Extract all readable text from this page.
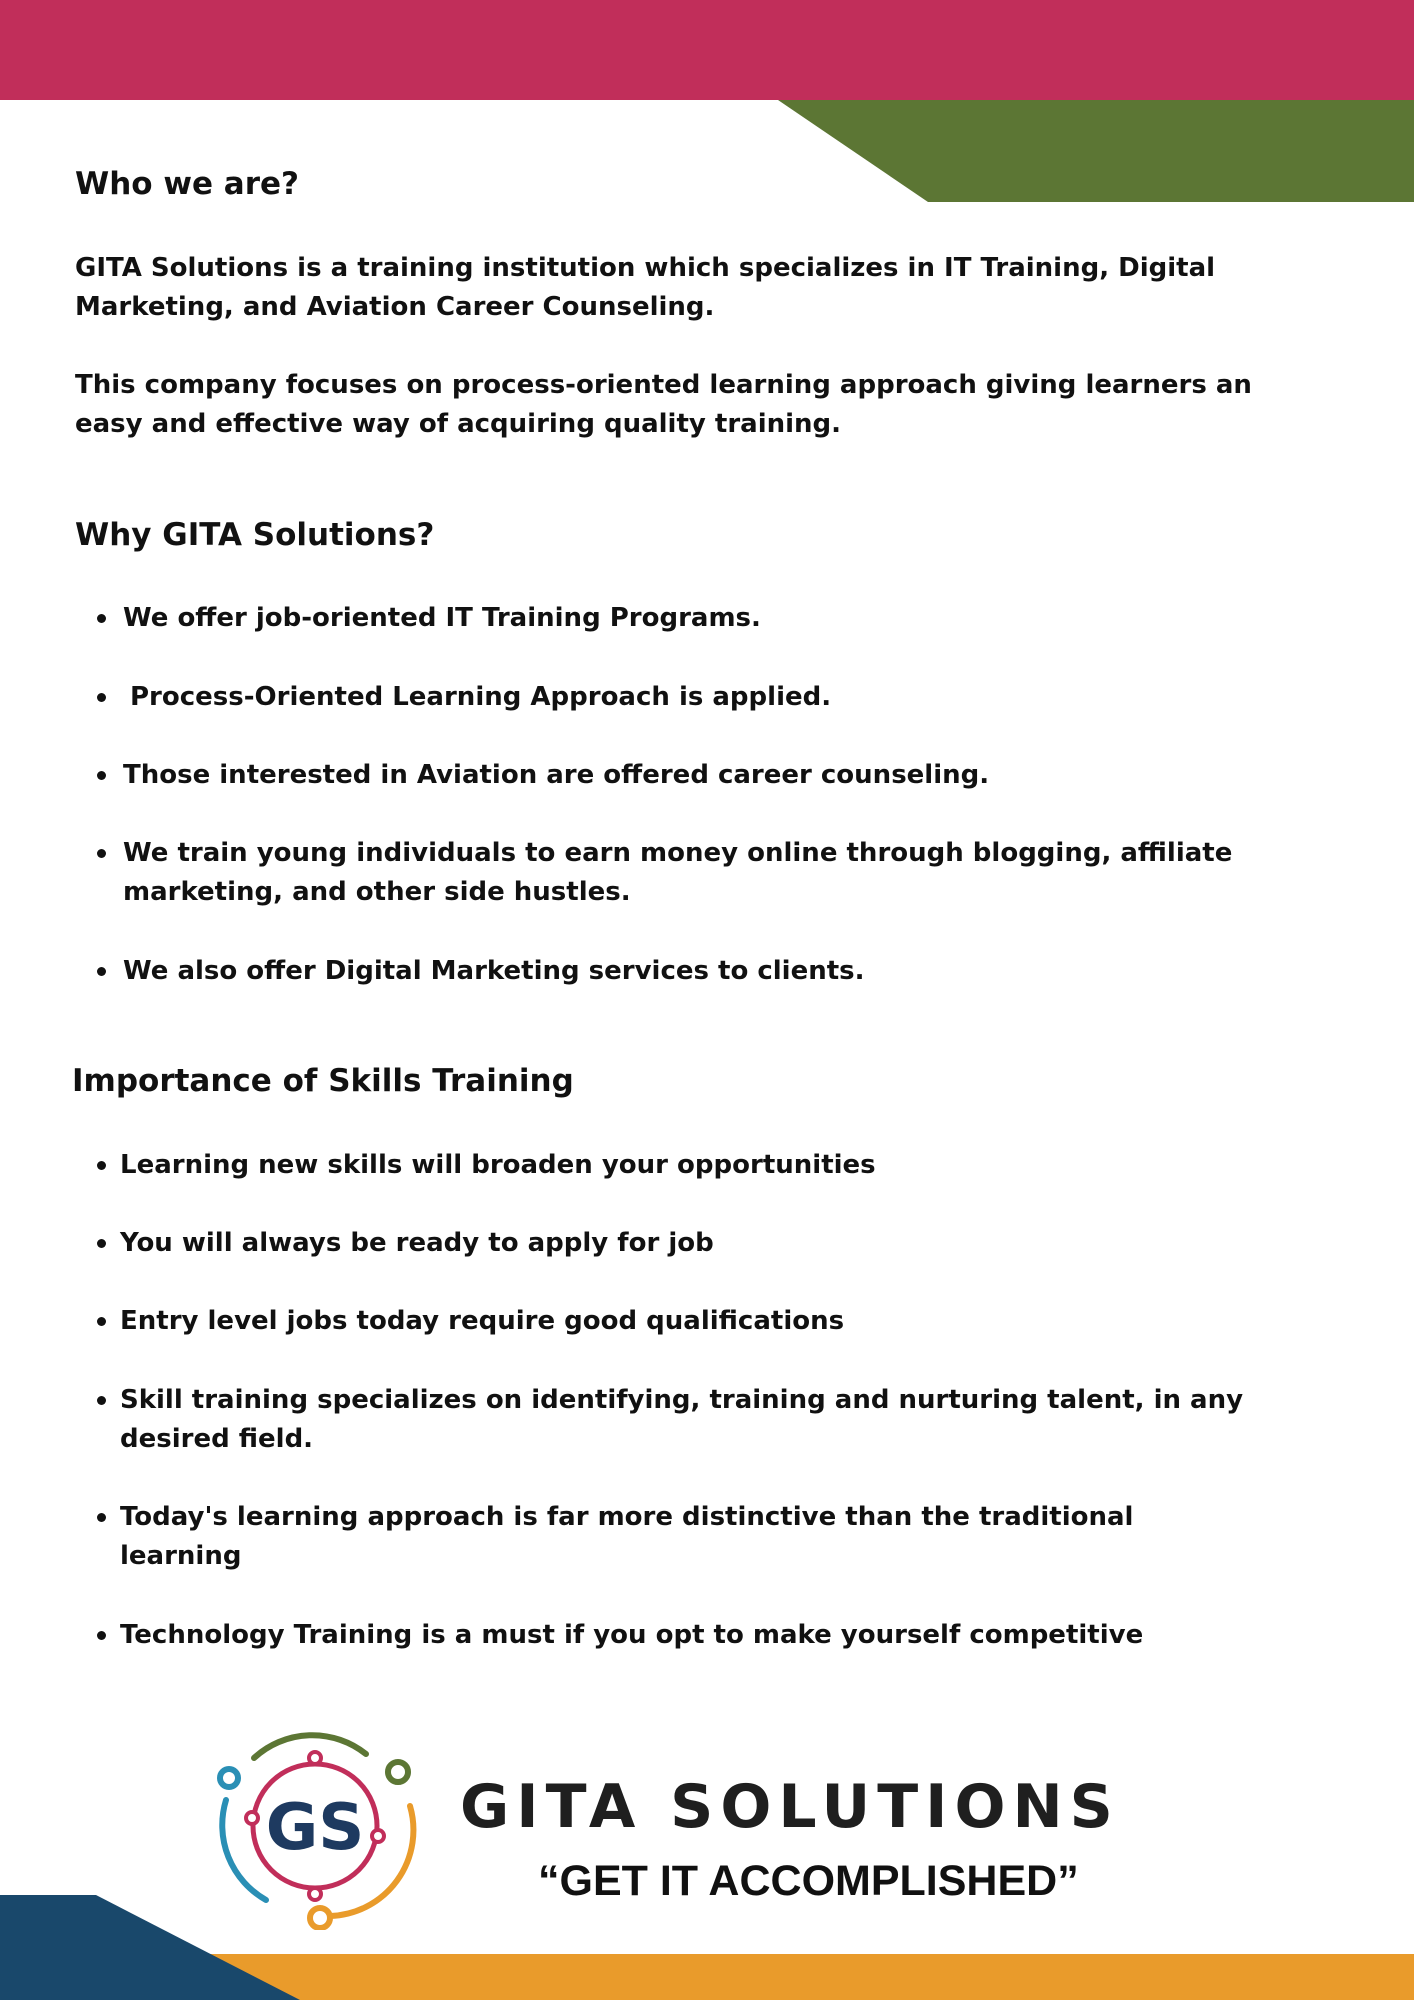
Who we are?

GITA Solutions is a training institution which specializes in IT Training, Digital Marketing, and Aviation Career Counseling.

This company focuses on process-oriented learning approach giving learners an easy and effective way of acquiring quality training.

Why GITA Solutions?
We offer job-oriented IT Training Programs.
Process-Oriented Learning Approach is applied.
Those interested in Aviation are offered career counseling.
We train young individuals to earn money online through blogging, affiliate marketing, and other side hustles.
We also offer Digital Marketing services to clients.
Importance of Skills Training
Learning new skills will broaden your opportunities
You will always be ready to apply for job
Entry level jobs today require good qualifications
Skill training specializes on identifying, training and nurturing talent, in any desired field.
Today's learning approach is far more distinctive than the traditional learning
Technology Training is a must if you opt to make yourself competitive
GS GITA SOLUTIONS
“GET IT ACCOMPLISHED”
